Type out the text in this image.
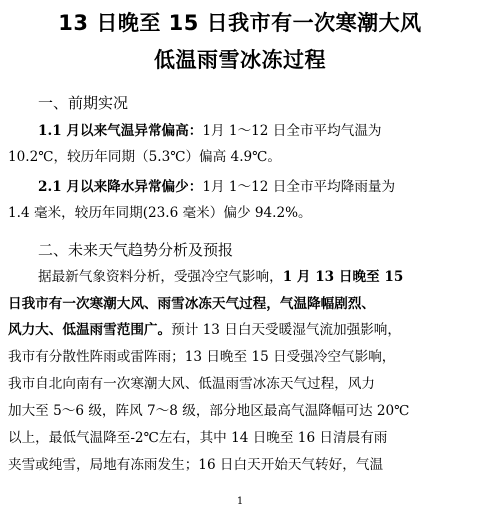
13 日晚至 15 日我市有一次寒潮大风
低温雨雪冰冻过程
一、前期实况
1.1 月以来气温异常偏高：1月 1～12 日全市平均气温为
10.2℃，较历年同期（5.3℃）偏高 4.9℃。
2.1 月以来降水异常偏少：1月 1～12 日全市平均降雨量为
1.4 毫米，较历年同期(23.6 毫米）偏少 94.2%。
二、未来天气趋势分析及预报
据最新气象资料分析，受强冷空气影响，1 月 13 日晚至 15
日我市有一次寒潮大风、雨雪冰冻天气过程，气温降幅剧烈、
风力大、低温雨雪范围广。预计 13 日白天受暖湿气流加强影响，
我市有分散性阵雨或雷阵雨；13 日晚至 15 日受强冷空气影响，
我市自北向南有一次寒潮大风、低温雨雪冰冻天气过程，风力
加大至 5～6 级，阵风 7～8 级，部分地区最高气温降幅可达 20℃
以上，最低气温降至-2℃左右，其中 14 日晚至 16 日清晨有雨
夹雪或纯雪，局地有冻雨发生；16 日白天开始天气转好，气温
1
